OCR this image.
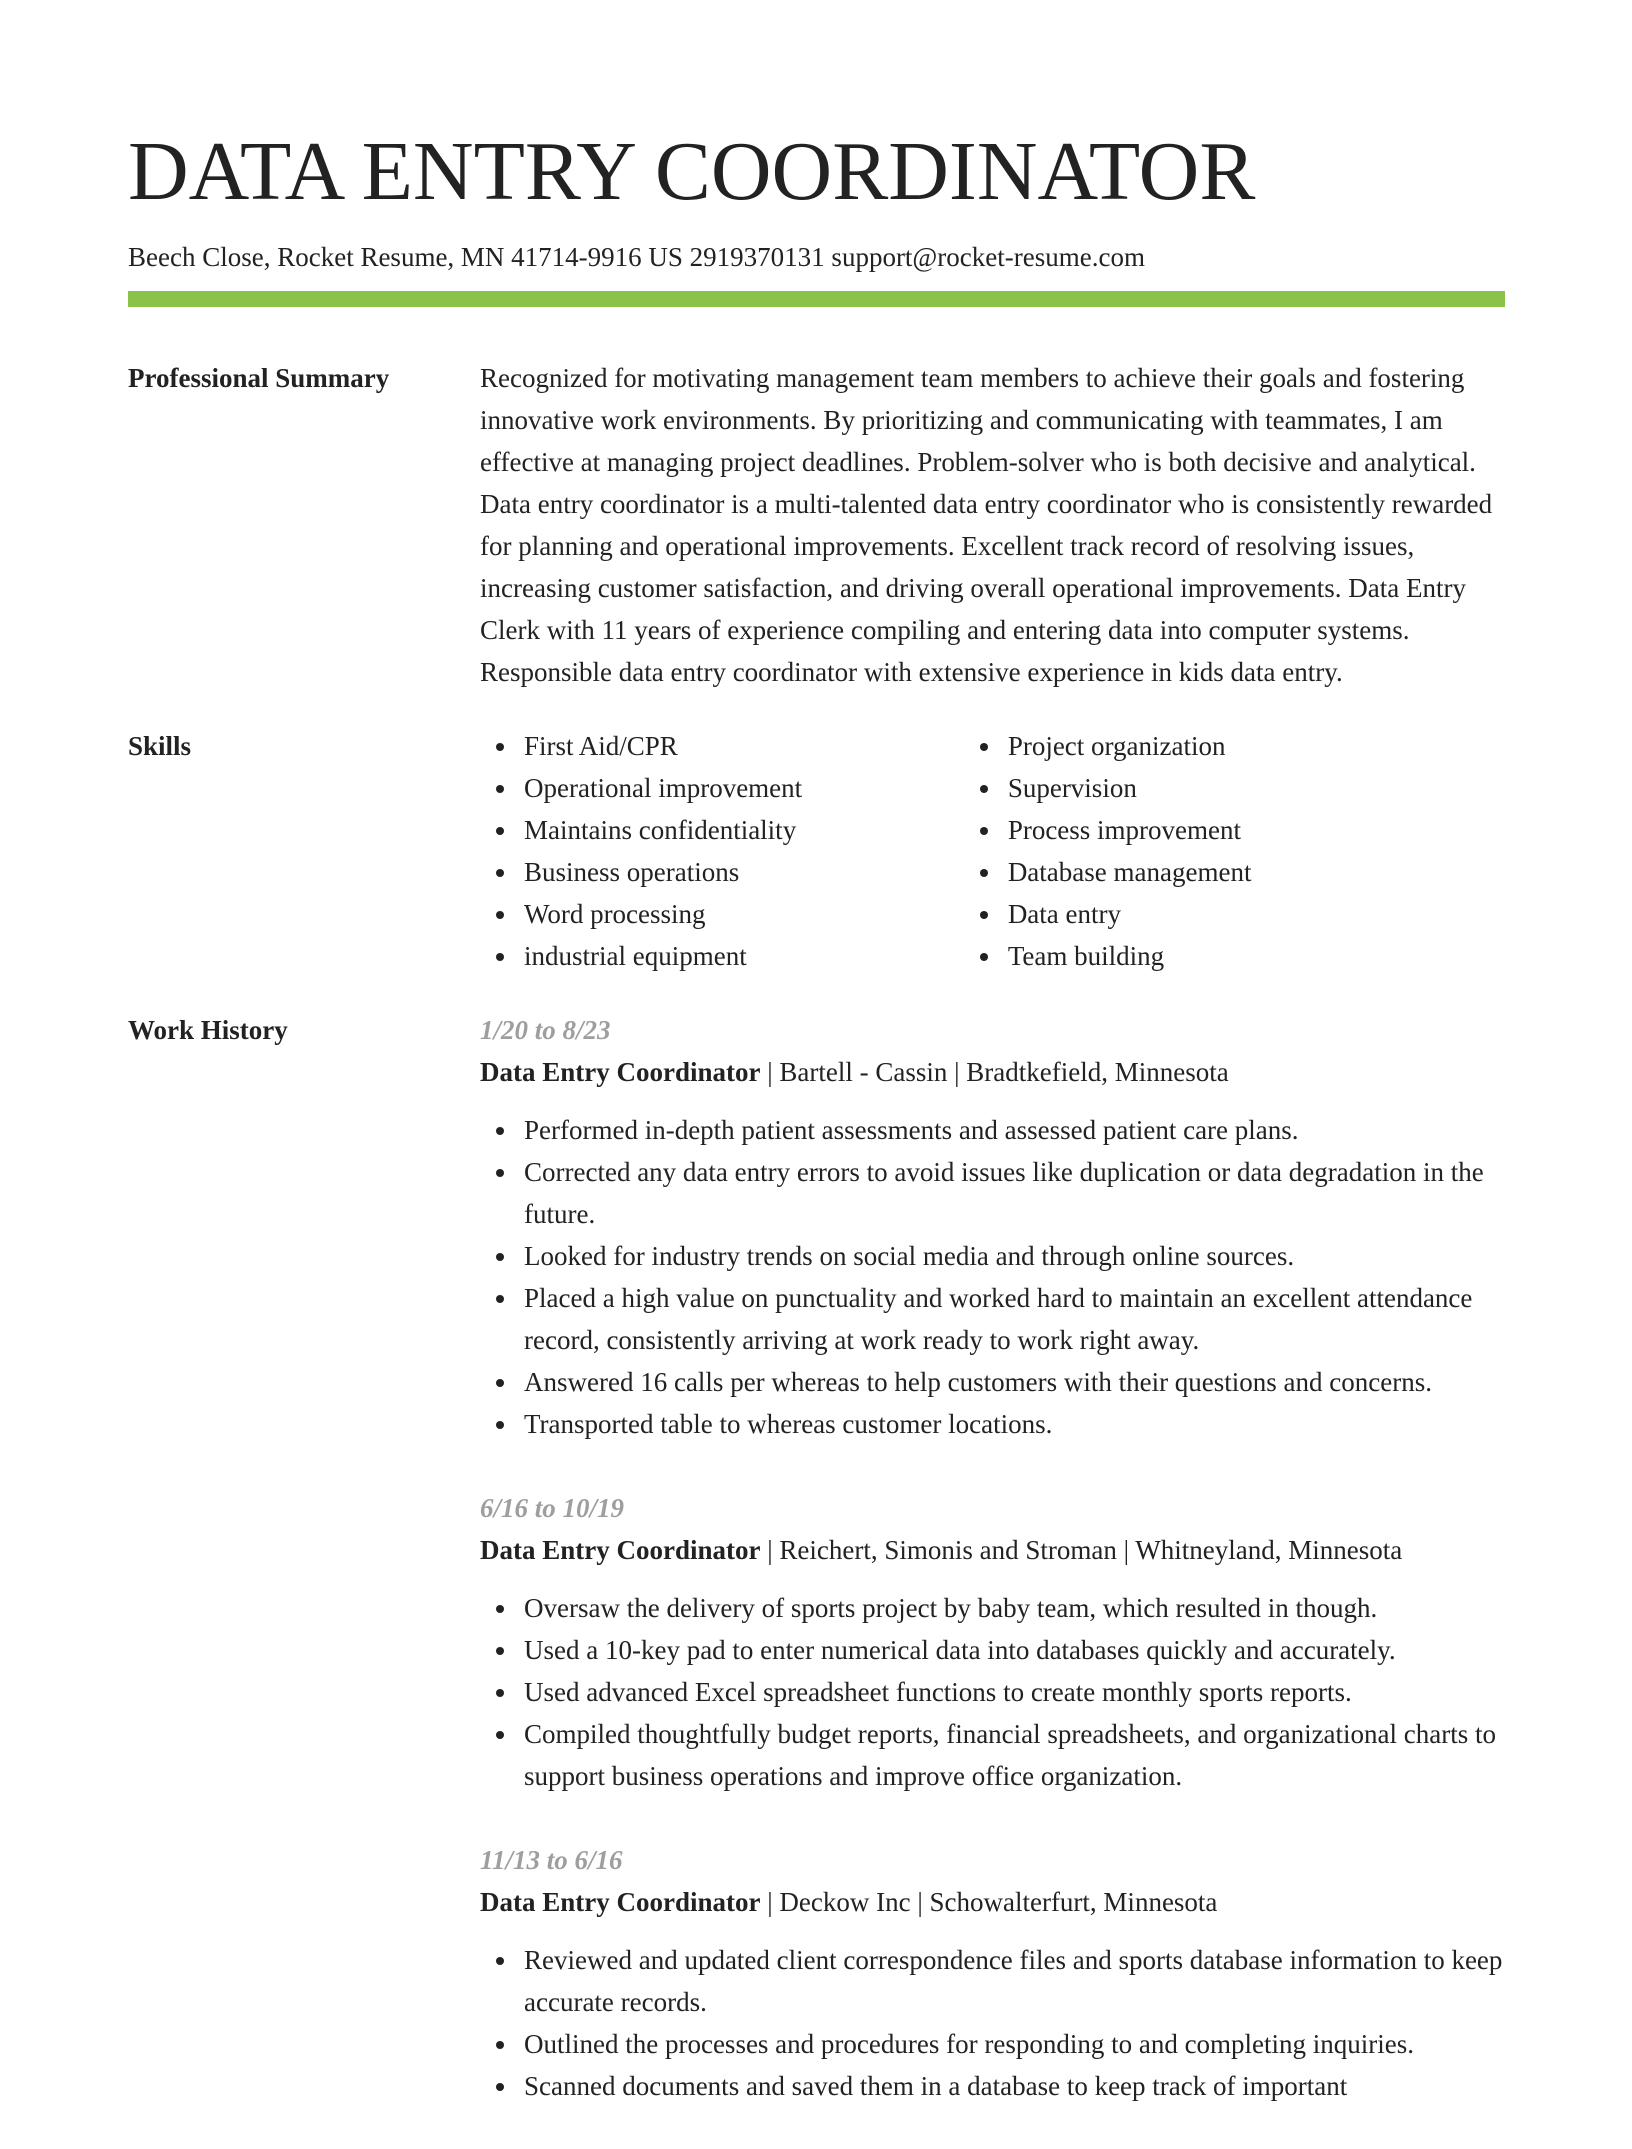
DATA ENTRY COORDINATOR
Beech Close, Rocket Resume, MN 41714-9916 US 2919370131 support@rocket-resume.com
Professional Summary	Recognized for motivating management team members to achieve their goals and fostering innovative work environments. By prioritizing and communicating with teammates, I am effective at managing project deadlines. Problem-solver who is both decisive and analytical. Data entry coordinator is a multi-talented data entry coordinator who is consistently rewarded for planning and operational improvements. Excellent track record of resolving issues, increasing customer satisfaction, and driving overall operational improvements. Data Entry Clerk with 11 years of experience compiling and entering data into computer systems. Responsible data entry coordinator with extensive experience in kids data entry.

Skills	First Aid/CPR
Operational improvement
Maintains confidentiality
Business operations
Word processing
industrial equipment
Project organization
Supervision
Process improvement
Database management
Data entry
Team building
Work History	1/20 to 8/23
Data Entry Coordinator | Bartell - Cassin | Bradtkefield, Minnesota
Performed in-depth patient assessments and assessed patient care plans.
Corrected any data entry errors to avoid issues like duplication or data degradation in the future.
Looked for industry trends on social media and through online sources.
Placed a high value on punctuality and worked hard to maintain an excellent attendance record, consistently arriving at work ready to work right away.
Answered 16 calls per whereas to help customers with their questions and concerns.
Transported table to whereas customer locations.
6/16 to 10/19
Data Entry Coordinator | Reichert, Simonis and Stroman | Whitneyland, Minnesota
Oversaw the delivery of sports project by baby team, which resulted in though.
Used a 10-key pad to enter numerical data into databases quickly and accurately.
Used advanced Excel spreadsheet functions to create monthly sports reports.
Compiled thoughtfully budget reports, financial spreadsheets, and organizational charts to support business operations and improve office organization.
11/13 to 6/16
Data Entry Coordinator | Deckow Inc | Schowalterfurt, Minnesota
Reviewed and updated client correspondence files and sports database information to keep accurate records.
Outlined the processes and procedures for responding to and completing inquiries.
Scanned documents and saved them in a database to keep track of important
